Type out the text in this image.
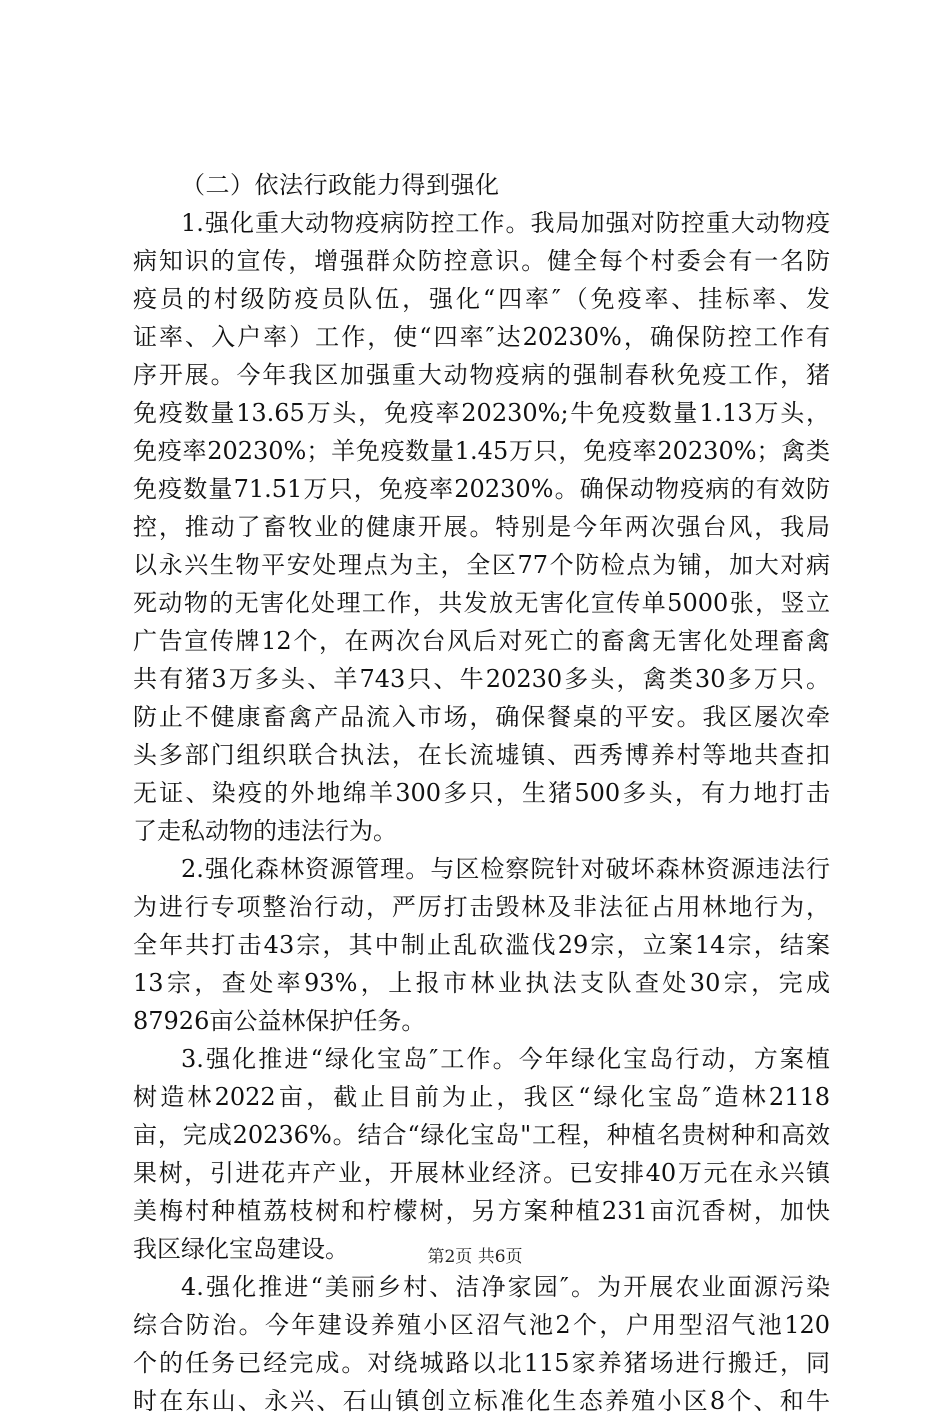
（二）依法行政能力得到强化
1.强化重大动物疫病防控工作。我局加强对防控重大动物疫
病知识的宣传，增强群众防控意识。健全每个村委会有一名防
疫员的村级防疫员队伍，强化“四率″（免疫率、挂标率、发
证率、入户率）工作，使“四率″达20230%，确保防控工作有
序开展。今年我区加强重大动物疫病的强制春秋免疫工作，猪
免疫数量13.65万头，免疫率20230%;牛免疫数量1.13万头，
免疫率20230%；羊免疫数量1.45万只，免疫率20230%；禽类
免疫数量71.51万只，免疫率20230%。确保动物疫病的有效防
控，推动了畜牧业的健康开展。特别是今年两次强台风，我局
以永兴生物平安处理点为主，全区77个防检点为铺，加大对病
死动物的无害化处理工作，共发放无害化宣传单5000张，竖立
广告宣传牌12个，在两次台风后对死亡的畜禽无害化处理畜禽
共有猪3万多头、羊743只、牛20230多头，禽类30多万只。
防止不健康畜禽产品流入市场，确保餐桌的平安。我区屡次牵
头多部门组织联合执法，在长流墟镇、西秀博养村等地共查扣
无证、染疫的外地绵羊300多只，生猪500多头，有力地打击
了走私动物的违法行为。
2.强化森林资源管理。与区检察院针对破坏森林资源违法行
为进行专项整治行动，严厉打击毁林及非法征占用林地行为，
全年共打击43宗，其中制止乱砍滥伐29宗，立案14宗，结案
13宗，查处率93%，上报市林业执法支队查处30宗，完成
87926亩公益林保护任务。
3.强化推进“绿化宝岛″工作。今年绿化宝岛行动，方案植
树造林2022亩，截止目前为止，我区“绿化宝岛″造林2118
亩，完成20236%。结合“绿化宝岛"工程，种植名贵树种和高效
果树，引进花卉产业，开展林业经济。已安排40万元在永兴镇
美梅村种植荔枝树和柠檬树，另方案种植231亩沉香树，加快
我区绿化宝岛建设。
4.强化推进“美丽乡村、洁净家园″。为开展农业面源污染
综合防治。今年建设养殖小区沼气池2个，户用型沼气池120
个的任务已经完成。对绕城路以北115家养猪场进行搬迁，同
时在东山、永兴、石山镇创立标准化生态养殖小区8个、和牛
第2页 共6页
